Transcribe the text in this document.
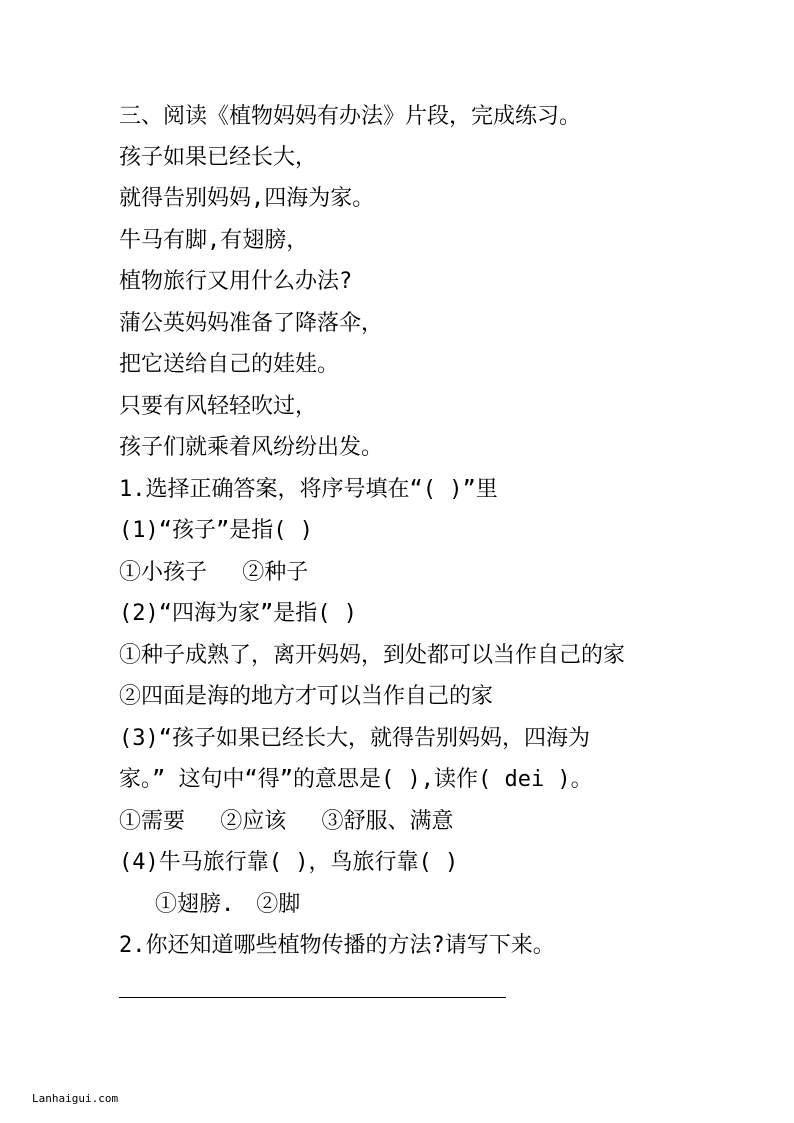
三、阅读《植物妈妈有办法》片段，完成练习。
孩子如果已经长大，
就得告别妈妈,四海为家。
牛马有脚,有翅膀，
植物旅行又用什么办法?
蒲公英妈妈准备了降落伞，
把它送给自己的娃娃。
只要有风轻轻吹过，
孩子们就乘着风纷纷出发。
1.选择正确答案，将序号填在“( )”里
(1)“孩子”是指( )
①小孩子　 ②种子
(2)“四海为家”是指( )
①种子成熟了，离开妈妈，到处都可以当作自己的家
②四面是海的地方才可以当作自己的家
(3)“孩子如果已经长大，就得告别妈妈，四海为
家。” 这句中“得”的意思是( ),读作( dei )。
①需要　 ②应该　 ③舒服、满意
(4)牛马旅行靠( )，鸟旅行靠( )
①翅膀.　②脚
2.你还知道哪些植物传播的方法?请写下来。
Lanhaigui.com
